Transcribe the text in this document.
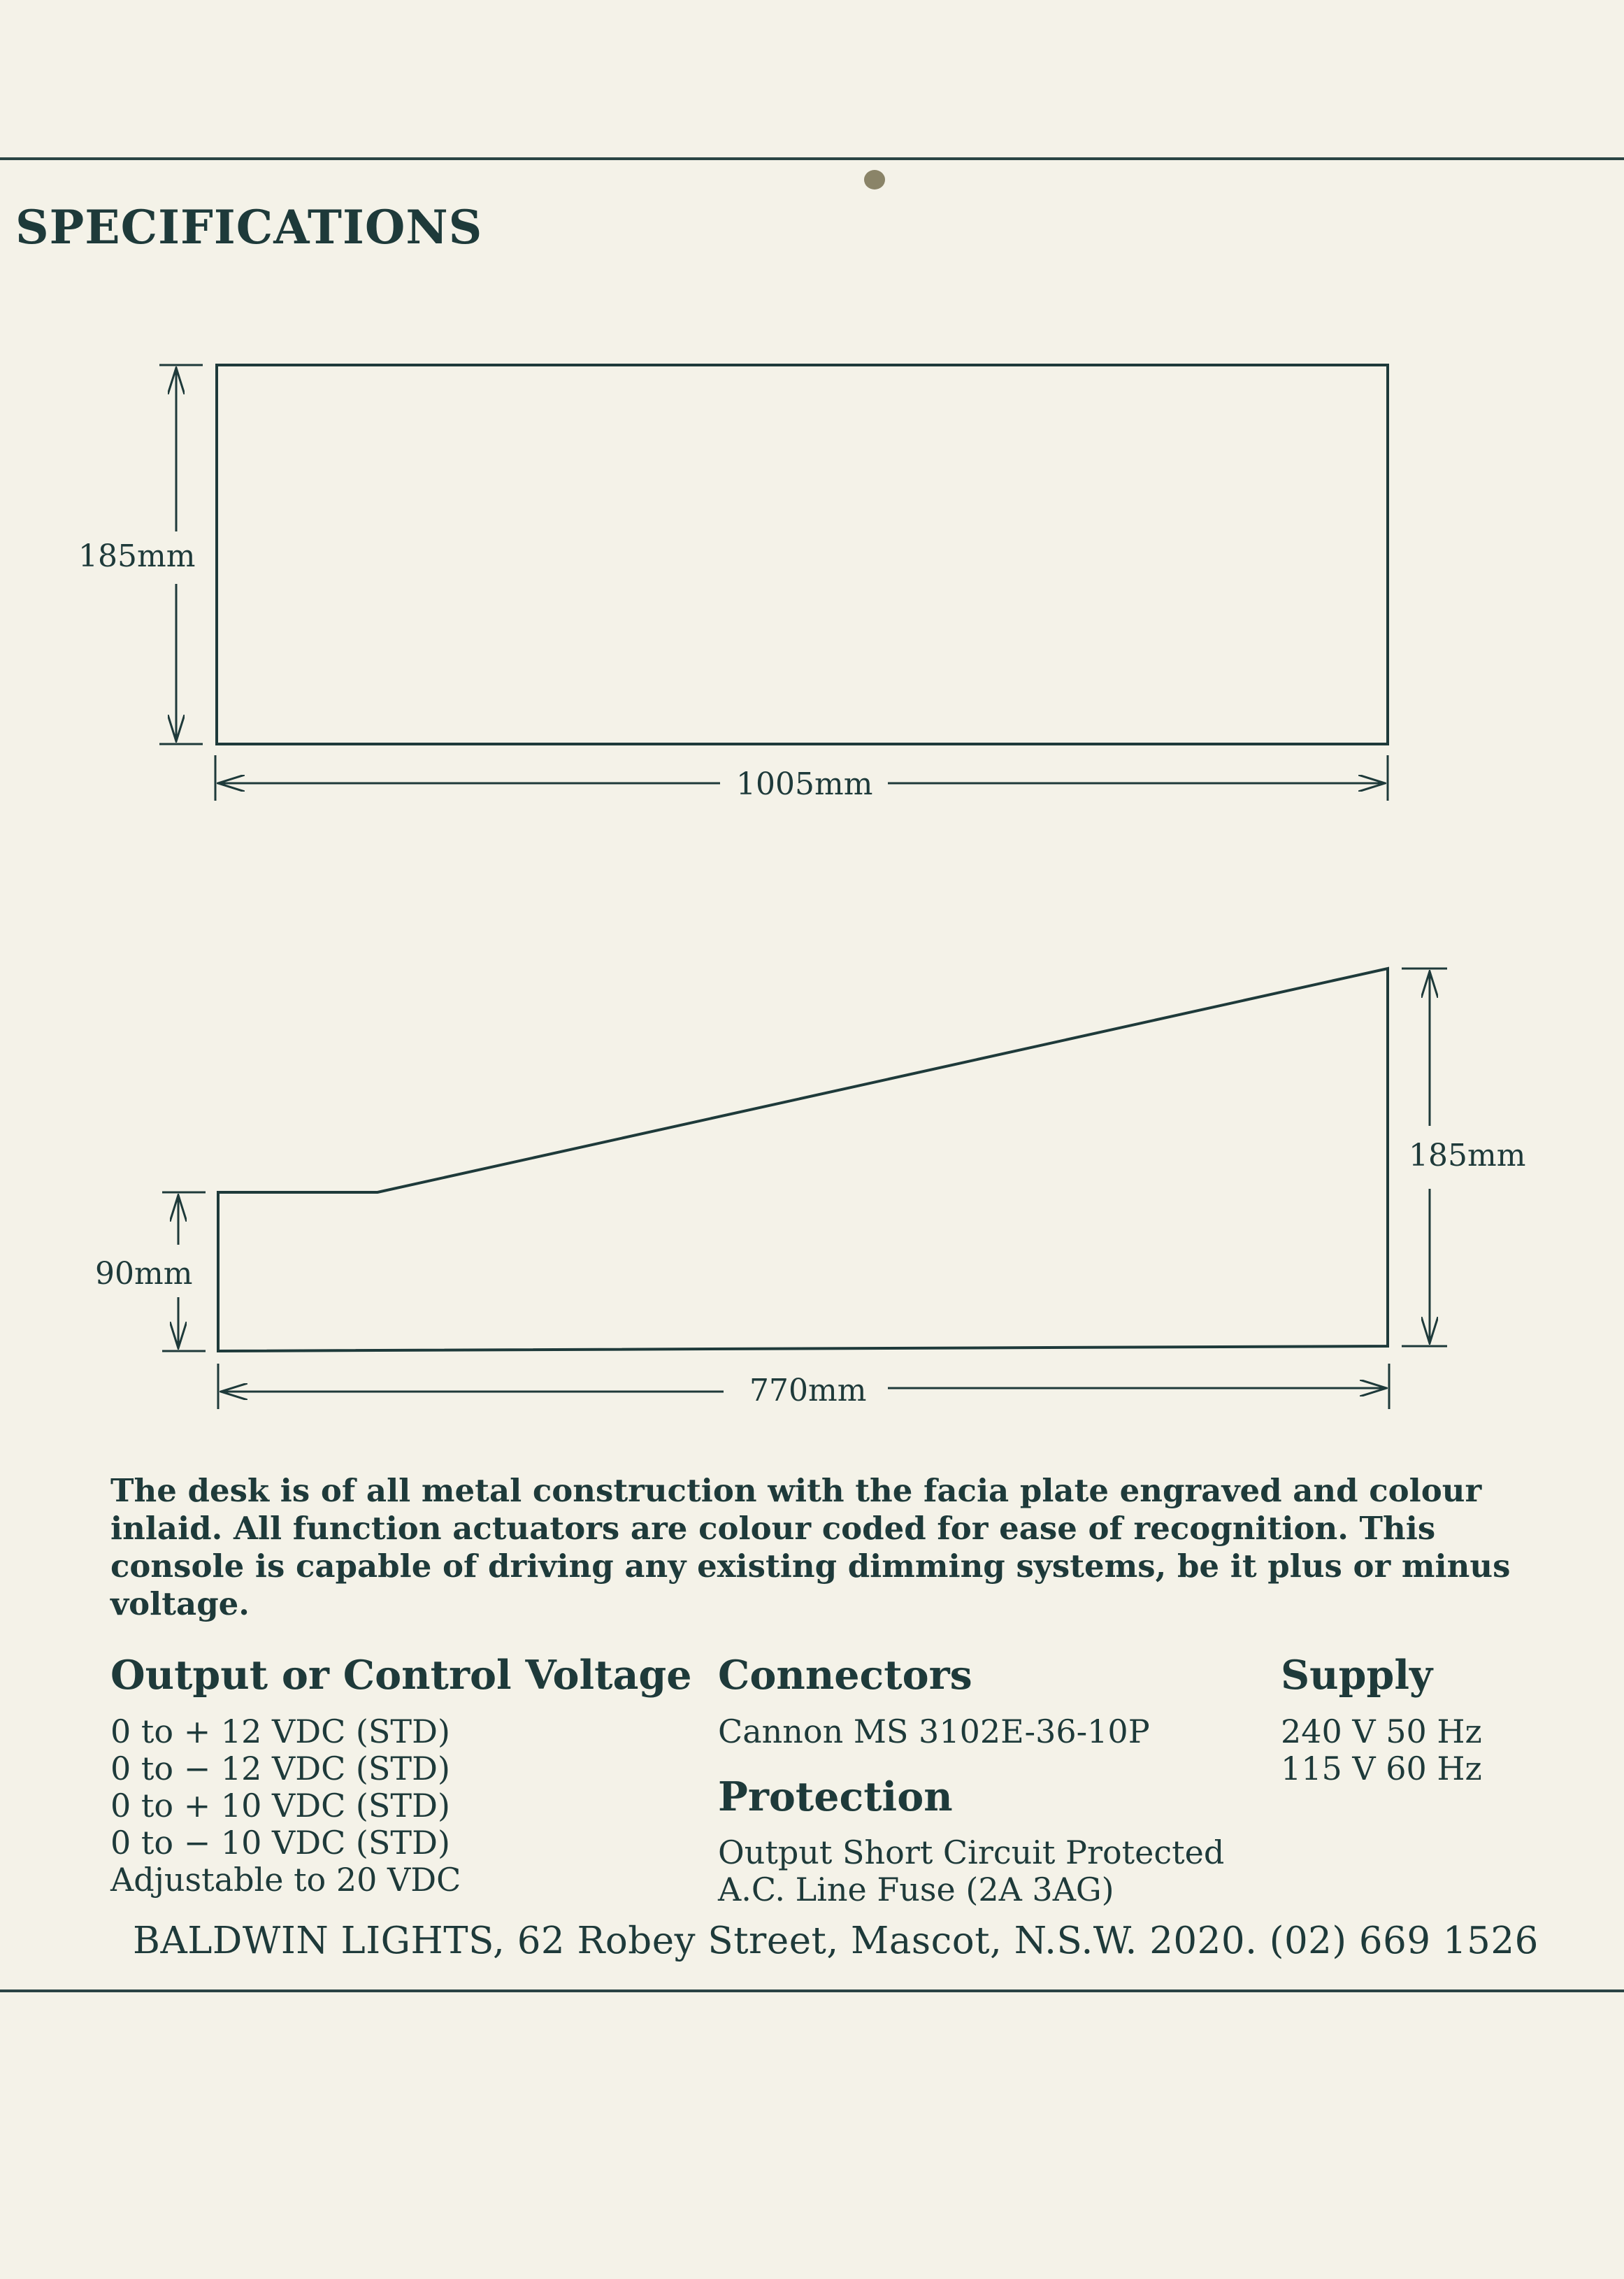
SPECIFICATIONS
185mm
1005mm
90mm
185mm
770mm

The desk is of all metal construction with the facia plate engraved and colour inlaid. All function actuators are colour coded for ease of recognition. This console is capable of driving any existing dimming systems, be it plus or minus voltage.

Output or Control Voltage
0 to + 12 VDC (STD)
0 to − 12 VDC (STD)
0 to + 10 VDC (STD)
0 to − 10 VDC (STD)
Adjustable to 20 VDC
Connectors
Cannon MS 3102E-36-10P
Protection
Output Short Circuit Protected
A.C. Line Fuse (2A 3AG)
Supply
240 V 50 Hz
115 V 60 Hz
BALDWIN LIGHTS, 62 Robey Street, Mascot, N.S.W. 2020. (02) 669 1526
